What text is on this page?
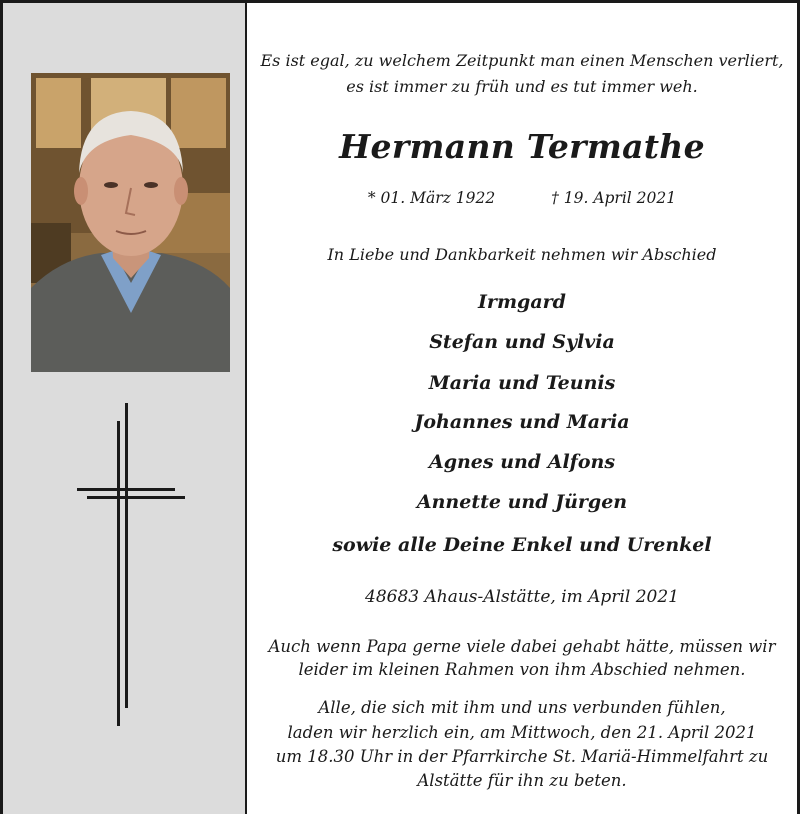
Es ist egal, zu welchem Zeitpunkt man einen Menschen verliert,
es ist immer zu früh und es tut immer weh.
Hermann Termathe
* 01. März 1922	† 19. April 2021
In Liebe und Dankbarkeit nehmen wir Abschied
Irmgard
Stefan und Sylvia
Maria und Teunis
Johannes und Maria
Agnes und Alfons
Annette und Jürgen
sowie alle Deine Enkel und Urenkel
48683 Ahaus-Alstätte, im April 2021
Auch wenn Papa gerne viele dabei gehabt hätte, müssen wir
leider im kleinen Rahmen von ihm Abschied nehmen.
Alle, die sich mit ihm und uns verbunden fühlen,
laden wir herzlich ein, am Mittwoch, den 21. April 2021
um 18.30 Uhr in der Pfarrkirche St. Mariä-Himmelfahrt zu
Alstätte für ihn zu beten.
